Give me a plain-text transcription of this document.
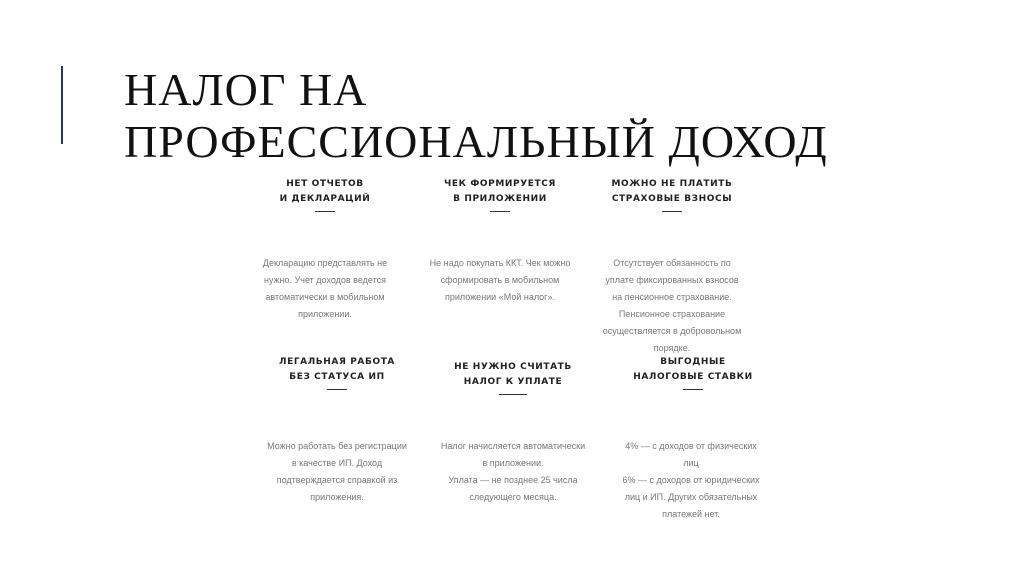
НАЛОГ НА
ПРОФЕССИОНАЛЬНЫЙ ДОХОД
НЕТ ОТЧЕТОВ
И ДЕКЛАРАЦИЙ
Декларацию представлять не
нужно. Учет доходов ведется
автоматически в мобильном
приложении.
ЧЕК ФОРМИРУЕТСЯ
В ПРИЛОЖЕНИИ
Не надо покупать ККТ. Чек можно
сформировать в мобильном
приложении «Мой налог».
МОЖНО НЕ ПЛАТИТЬ
СТРАХОВЫЕ ВЗНОСЫ
Отсутствует обязанность по
уплате фиксированных взносов
на пенсионное страхование.
Пенсионное страхование
осуществляется в добровольном
порядке.
ЛЕГАЛЬНАЯ РАБОТА
БЕЗ СТАТУСА ИП
Можно работать без регистрации
в качестве ИП. Доход
подтверждается справкой из
приложения.
НЕ НУЖНО СЧИТАТЬ
НАЛОГ К УПЛАТЕ
Налог начисляется автоматически
в приложении.
Уплата — не позднее 25 числа
следующего месяца.
ВЫГОДНЫЕ
НАЛОГОВЫЕ СТАВКИ
4% — с доходов от физических
лиц
6% — с доходов от юридических
лиц и ИП. Других обязательных
платежей нет.
